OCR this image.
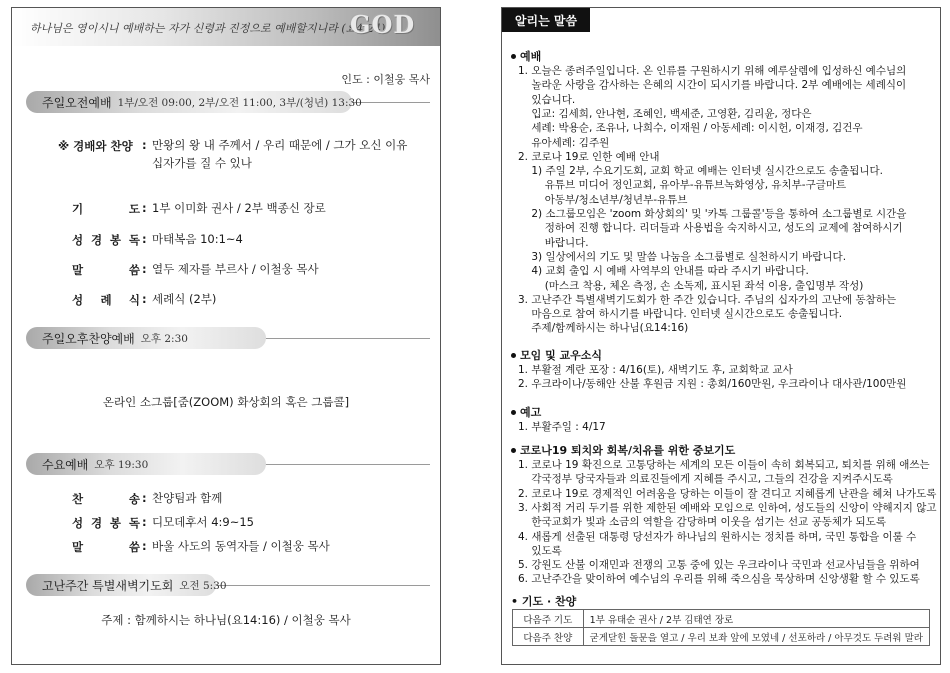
하나님은 영이시니 예배하는 자가 신령과 진정으로 예배할지니라 (요4:24)
GOD
인도 : 이철웅 목사
주일오전예배 1부/오전 09:00, 2부/오전 11:00, 3부/(청년) 13:30
※ 경배와 찬양 : 만왕의 왕 내 주께서 / 우리 때문에 / 그가 오신 이유
십자가를 질 수 있나
기 도 : 1부 이미화 권사 / 2부 백종신 장로
성 경 봉 독 : 마태복음 10:1~4
말 씀 : 열두 제자를 부르사 / 이철웅 목사
성 례 식 : 세례식 (2부)
주일오후찬양예배 오후 2:30
온라인 소그룹[줌(ZOOM) 화상회의 혹은 그룹콜]
수요예배 오후 19:30
찬 송 : 찬양팀과 함께
성 경 봉 독 : 디모데후서 4:9~15
말 씀 : 바울 사도의 동역자들 / 이철웅 목사
고난주간 특별새벽기도회 오전 5:30
주제 : 함께하시는 하나님(요14:16) / 이철웅 목사
알리는 말씀
예배
1. 오늘은 종려주일입니다. 온 인류를 구원하시기 위해 예루살렘에 입성하신 예수님의
놀라운 사랑을 감사하는 은혜의 시간이 되시기를 바랍니다. 2부 예배에는 세례식이
있습니다.
입교: 김세희, 안나현, 조혜인, 백세준, 고영환, 김리윤, 정다은
세례: 박용순, 조유나, 나희수, 이재원 / 아동세례: 이시헌, 이재경, 김건우
유아세례: 김주원
2. 코로나 19로 인한 예배 안내
1) 주일 2부, 수요기도회, 교회 학교 예배는 인터넷 실시간으로도 송출됩니다.
유튜브 미디어 정인교회, 유아부-유튜브녹화영상, 유치부-구글마트
아동부/청소년부/청년부-유튜브
2) 소그룹모임은 'zoom 화상회의' 및 '카톡 그룹콜'등을 통하여 소그룹별로 시간을
정하여 진행 합니다. 리더들과 사용법을 숙지하시고, 성도의 교제에 참여하시기
바랍니다.
3) 일상에서의 기도 및 말씀 나눔을 소그룹별로 실천하시기 바랍니다.
4) 교회 출입 시 예배 사역부의 안내를 따라 주시기 바랍니다.
(마스크 착용, 체온 측정, 손 소독제, 표시된 좌석 이용, 출입명부 작성)
3. 고난주간 특별새벽기도회가 한 주간 있습니다. 주님의 십자가의 고난에 동참하는
마음으로 참여 하시기를 바랍니다. 인터넷 실시간으로도 송출됩니다.
주제/함께하시는 하나님(요14:16)
모임 및 교우소식
1. 부활절 계란 포장 : 4/16(토), 새벽기도 후, 교회학교 교사
2. 우크라이나/동해안 산불 후원금 지원 : 총회/160만원, 우크라이나 대사관/100만원
예고
1. 부활주일 : 4/17
코로나19 퇴치와 회복/치유를 위한 중보기도
1. 코로나 19 확진으로 고통당하는 세계의 모든 이들이 속히 회복되고, 퇴치를 위해 애쓰는
각국정부 당국자들과 의료진들에게 지혜를 주시고, 그들의 건강을 지켜주시도록
2. 코로나 19로 경제적인 어려움을 당하는 이들이 잘 견디고 지혜롭게 난관을 헤쳐 나가도록
3. 사회적 거리 두기를 위한 제한된 예배와 모임으로 인하여, 성도들의 신앙이 약해지지 않고
한국교회가 빛과 소금의 역할을 감당하며 이웃을 섬기는 선교 공동체가 되도록
4. 새롭게 선출된 대통령 당선자가 하나님의 원하시는 정치를 하며, 국민 통합을 이룰 수
있도록
5. 강원도 산불 이재민과 전쟁의 고통 중에 있는 우크라이나 국민과 선교사님들을 위하여
6. 고난주간을 맞이하여 예수님의 우리를 위해 죽으심을 묵상하며 신앙생활 할 수 있도록
• 기도 · 찬양
다음주 기도	1부 유태순 권사 / 2부 김태연 장로
다음주 찬양	굳게닫힌 돌문을 열고 / 우리 보좌 앞에 모였네 / 선포하라 / 아무것도 두려워 말라
